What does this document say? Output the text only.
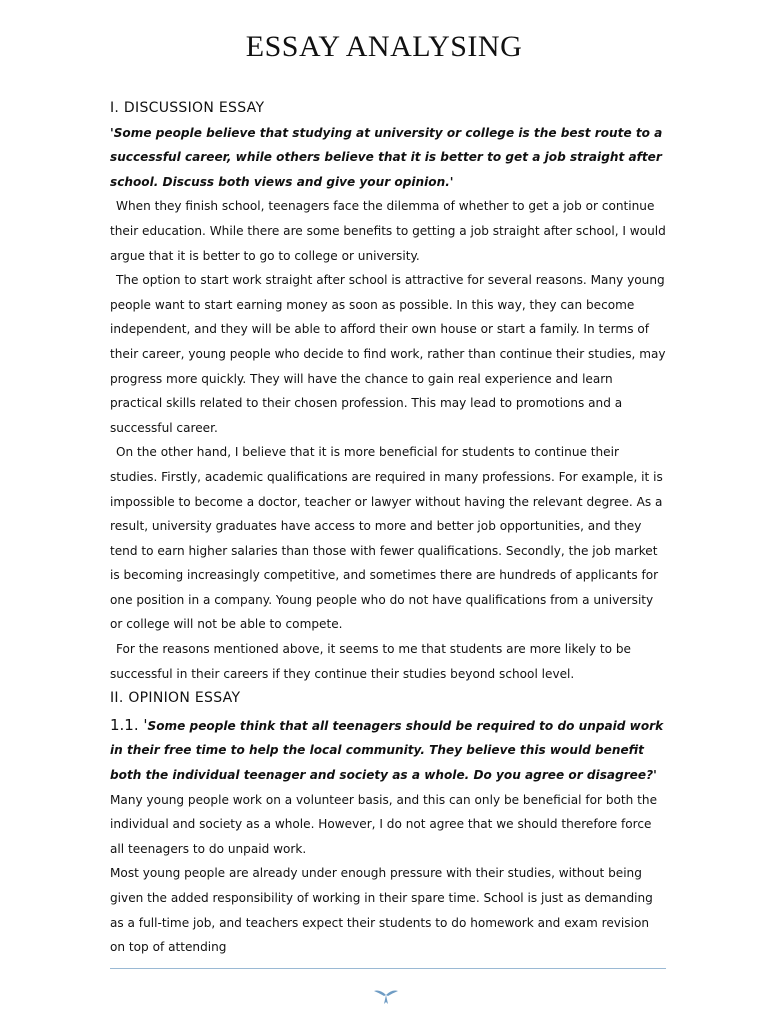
ESSAY ANALYSING

I. DISCUSSION ESSAY

'Some people believe that studying at university or college is the best route to a successful career, while others believe that it is better to get a job straight after school. Discuss both views and give your opinion.'

When they finish school, teenagers face the dilemma of whether to get a job or continue their education. While there are some benefits to getting a job straight after school, I would argue that it is better to go to college or university.

The option to start work straight after school is attractive for several reasons. Many young people want to start earning money as soon as possible. In this way, they can become independent, and they will be able to afford their own house or start a family. In terms of their career, young people who decide to find work, rather than continue their studies, may progress more quickly. They will have the chance to gain real experience and learn practical skills related to their chosen profession. This may lead to promotions and a successful career.

On the other hand, I believe that it is more beneficial for students to continue their studies. Firstly, academic qualifications are required in many professions. For example, it is impossible to become a doctor, teacher or lawyer without having the relevant degree. As a result, university graduates have access to more and better job opportunities, and they tend to earn higher salaries than those with fewer qualifications. Secondly, the job market is becoming increasingly competitive, and sometimes there are hundreds of applicants for one position in a company. Young people who do not have qualifications from a university or college will not be able to compete.

For the reasons mentioned above, it seems to me that students are more likely to be successful in their careers if they continue their studies beyond school level.

II. OPINION ESSAY

1.1. 'Some people think that all teenagers should be required to do unpaid work in their free time to help the local community. They believe this would benefit both the individual teenager and society as a whole. Do you agree or disagree?'

Many young people work on a volunteer basis, and this can only be beneficial for both the individual and society as a whole. However, I do not agree that we should therefore force all teenagers to do unpaid work.

Most young people are already under enough pressure with their studies, without being given the added responsibility of working in their spare time. School is just as demanding as a full-time job, and teachers expect their students to do homework and exam revision on top of attending
